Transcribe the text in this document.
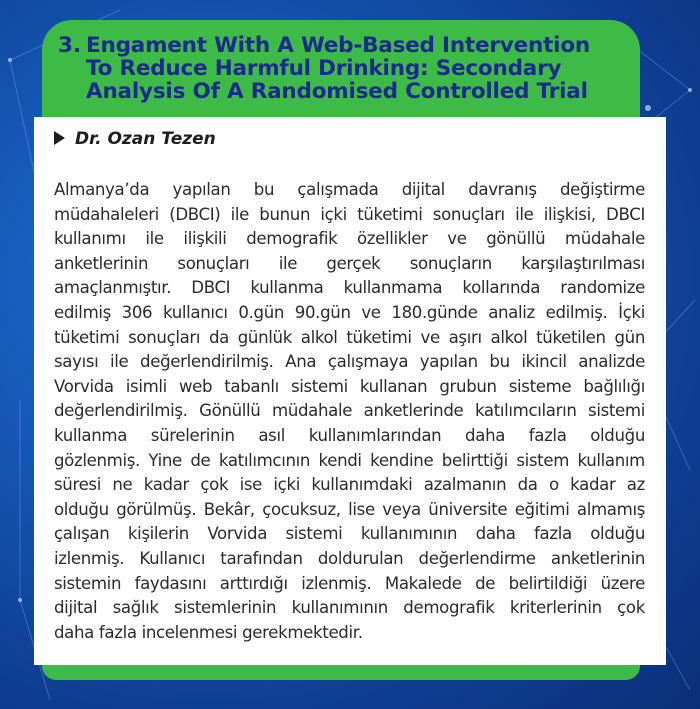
3. Engament With A Web-Based Intervention
To Reduce Harmful Drinking: Secondary
Analysis Of A Randomised Controlled Trial
Dr. Ozan Tezen

Almanya’da yapılan bu çalışmada dijital davranış değiştirme
müdahaleleri (DBCI) ile bunun içki tüketimi sonuçları ile ilişkisi, DBCI
kullanımı ile ilişkili demografik özellikler ve gönüllü müdahale
anketlerinin sonuçları ile gerçek sonuçların karşılaştırılması
amaçlanmıştır. DBCI kullanma kullanmama kollarında randomize
edilmiş 306 kullanıcı 0.gün 90.gün ve 180.günde analiz edilmiş. İçki
tüketimi sonuçları da günlük alkol tüketimi ve aşırı alkol tüketilen gün
sayısı ile değerlendirilmiş. Ana çalışmaya yapılan bu ikincil analizde
Vorvida isimli web tabanlı sistemi kullanan grubun sisteme bağlılığı
değerlendirilmiş. Gönüllü müdahale anketlerinde katılımcıların sistemi
kullanma sürelerinin asıl kullanımlarından daha fazla olduğu
gözlenmiş. Yine de katılımcının kendi kendine belirttiği sistem kullanım
süresi ne kadar çok ise içki kullanımdaki azalmanın da o kadar az
olduğu görülmüş. Bekâr, çocuksuz, lise veya üniversite eğitimi almamış
çalışan kişilerin Vorvida sistemi kullanımının daha fazla olduğu
izlenmiş. Kullanıcı tarafından doldurulan değerlendirme anketlerinin
sistemin faydasını arttırdığı izlenmiş. Makalede de belirtildiği üzere
dijital sağlık sistemlerinin kullanımının demografik kriterlerinin çok
daha fazla incelenmesi gerekmektedir.
